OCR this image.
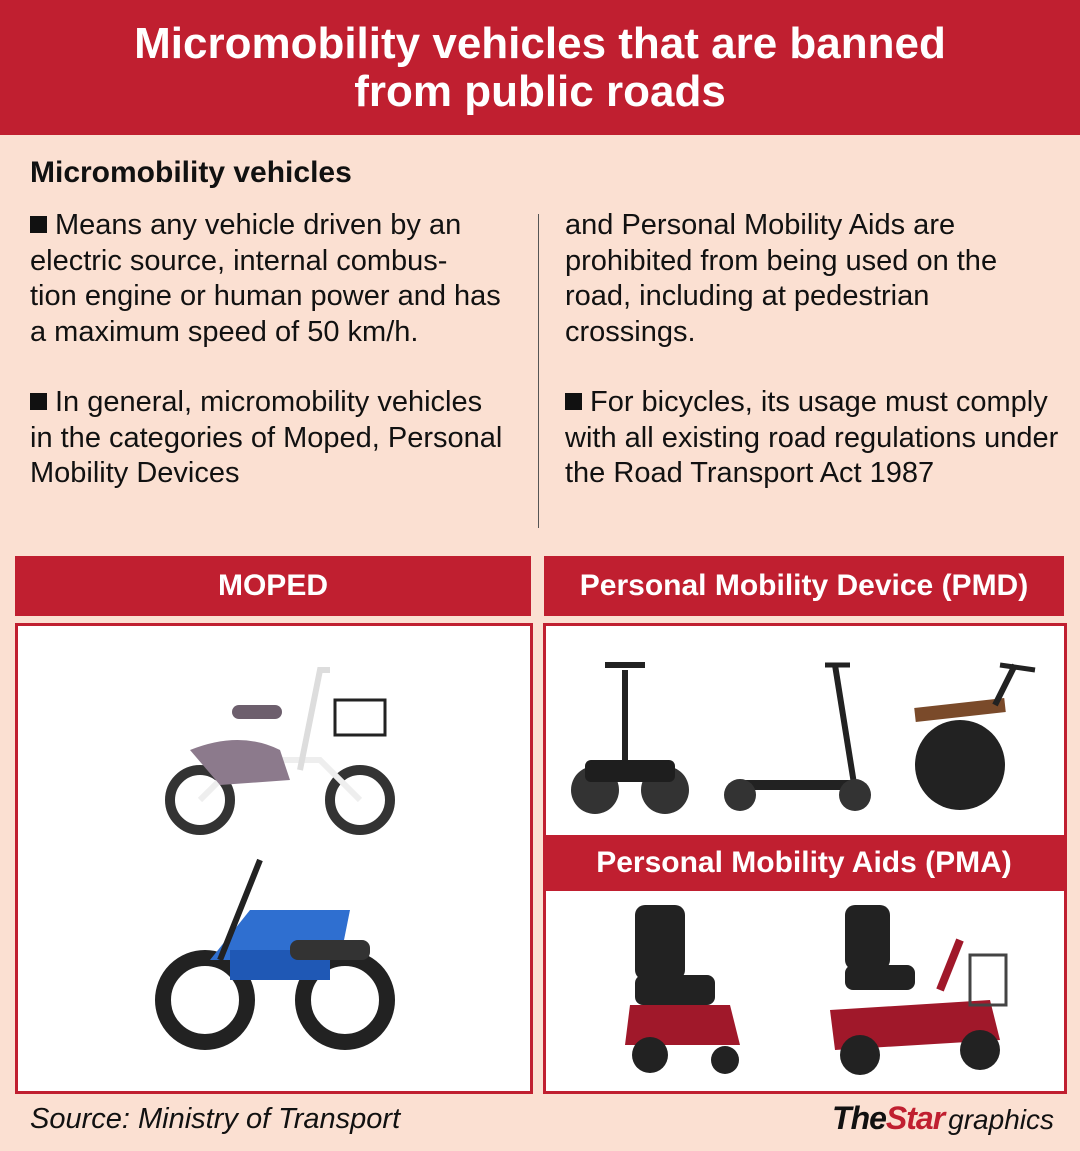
Micromobility vehicles that are banned from public roads
Micromobility vehicles

Means any vehicle driven by an electric source, internal combus-
tion engine or human power and has a maximum speed of 50 km/h.

In general, micromobility vehicles in the categories of Moped, Personal Mobility Devices

and Personal Mobility Aids are prohibited from being used on the road, including at pedestrian crossings.

For bicycles, its usage must comply with all existing road regulations under the Road Transport Act 1987

MOPED	Personal Mobility Device (PMD)
Personal Mobility Aids (PMA)
Source: Ministry of Transport	TheStar graphics
